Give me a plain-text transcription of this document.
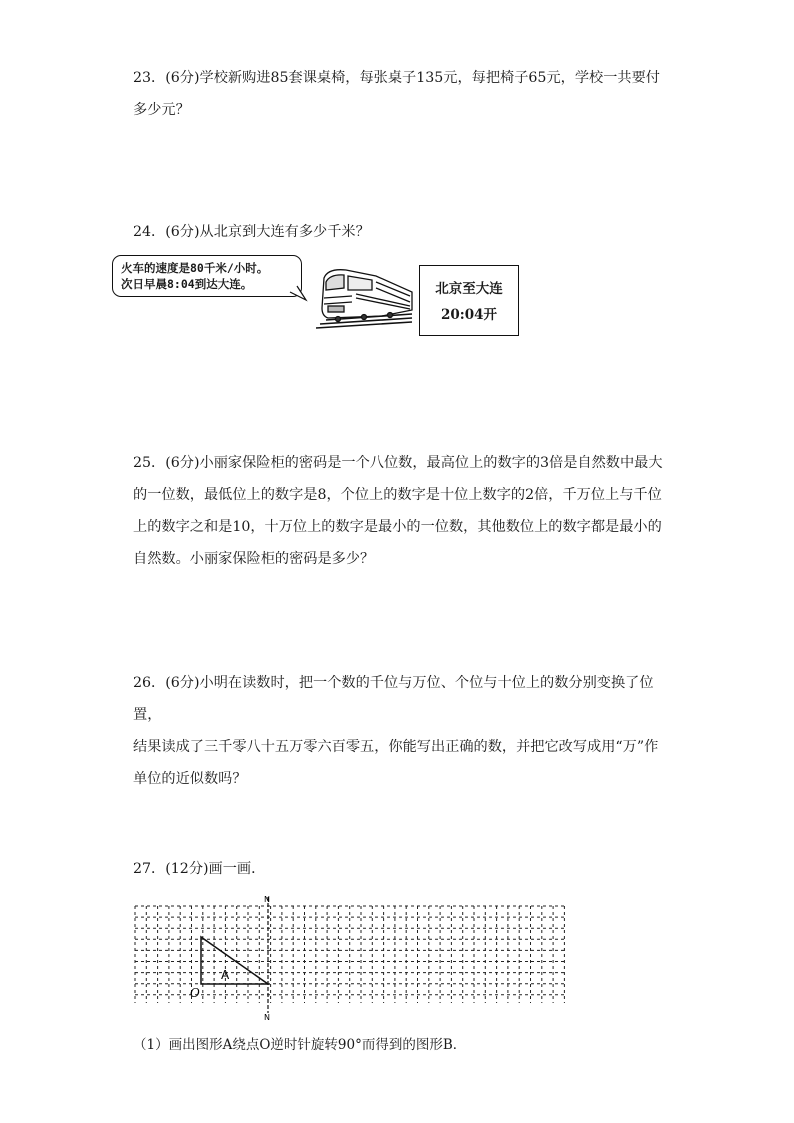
23．(6分)学校新购进85套课桌椅，每张桌子135元，每把椅子65元，学校一共要付
多少元？
24．(6分)从北京到大连有多少千米？
火车的速度是80千米/小时。
次日早晨8:04到达大连。	北京至大连
20:04开
25．(6分)小丽家保险柜的密码是一个八位数，最高位上的数字的3倍是自然数中最大
的一位数，最低位上的数字是8，个位上的数字是十位上数字的2倍，千万位上与千位
上的数字之和是10，十万位上的数字是最小的一位数，其他数位上的数字都是最小的
自然数。小丽家保险柜的密码是多少？
26．(6分)小明在读数时，把一个数的千位与万位、个位与十位上的数分别变换了位置，
结果读成了三千零八十五万零六百零五，你能写出正确的数，并把它改写成用“万”作
单位的近似数吗？
27．(12分)画一画．
N
N
A
O
（1）画出图形A绕点O逆时针旋转90°而得到的图形B．
